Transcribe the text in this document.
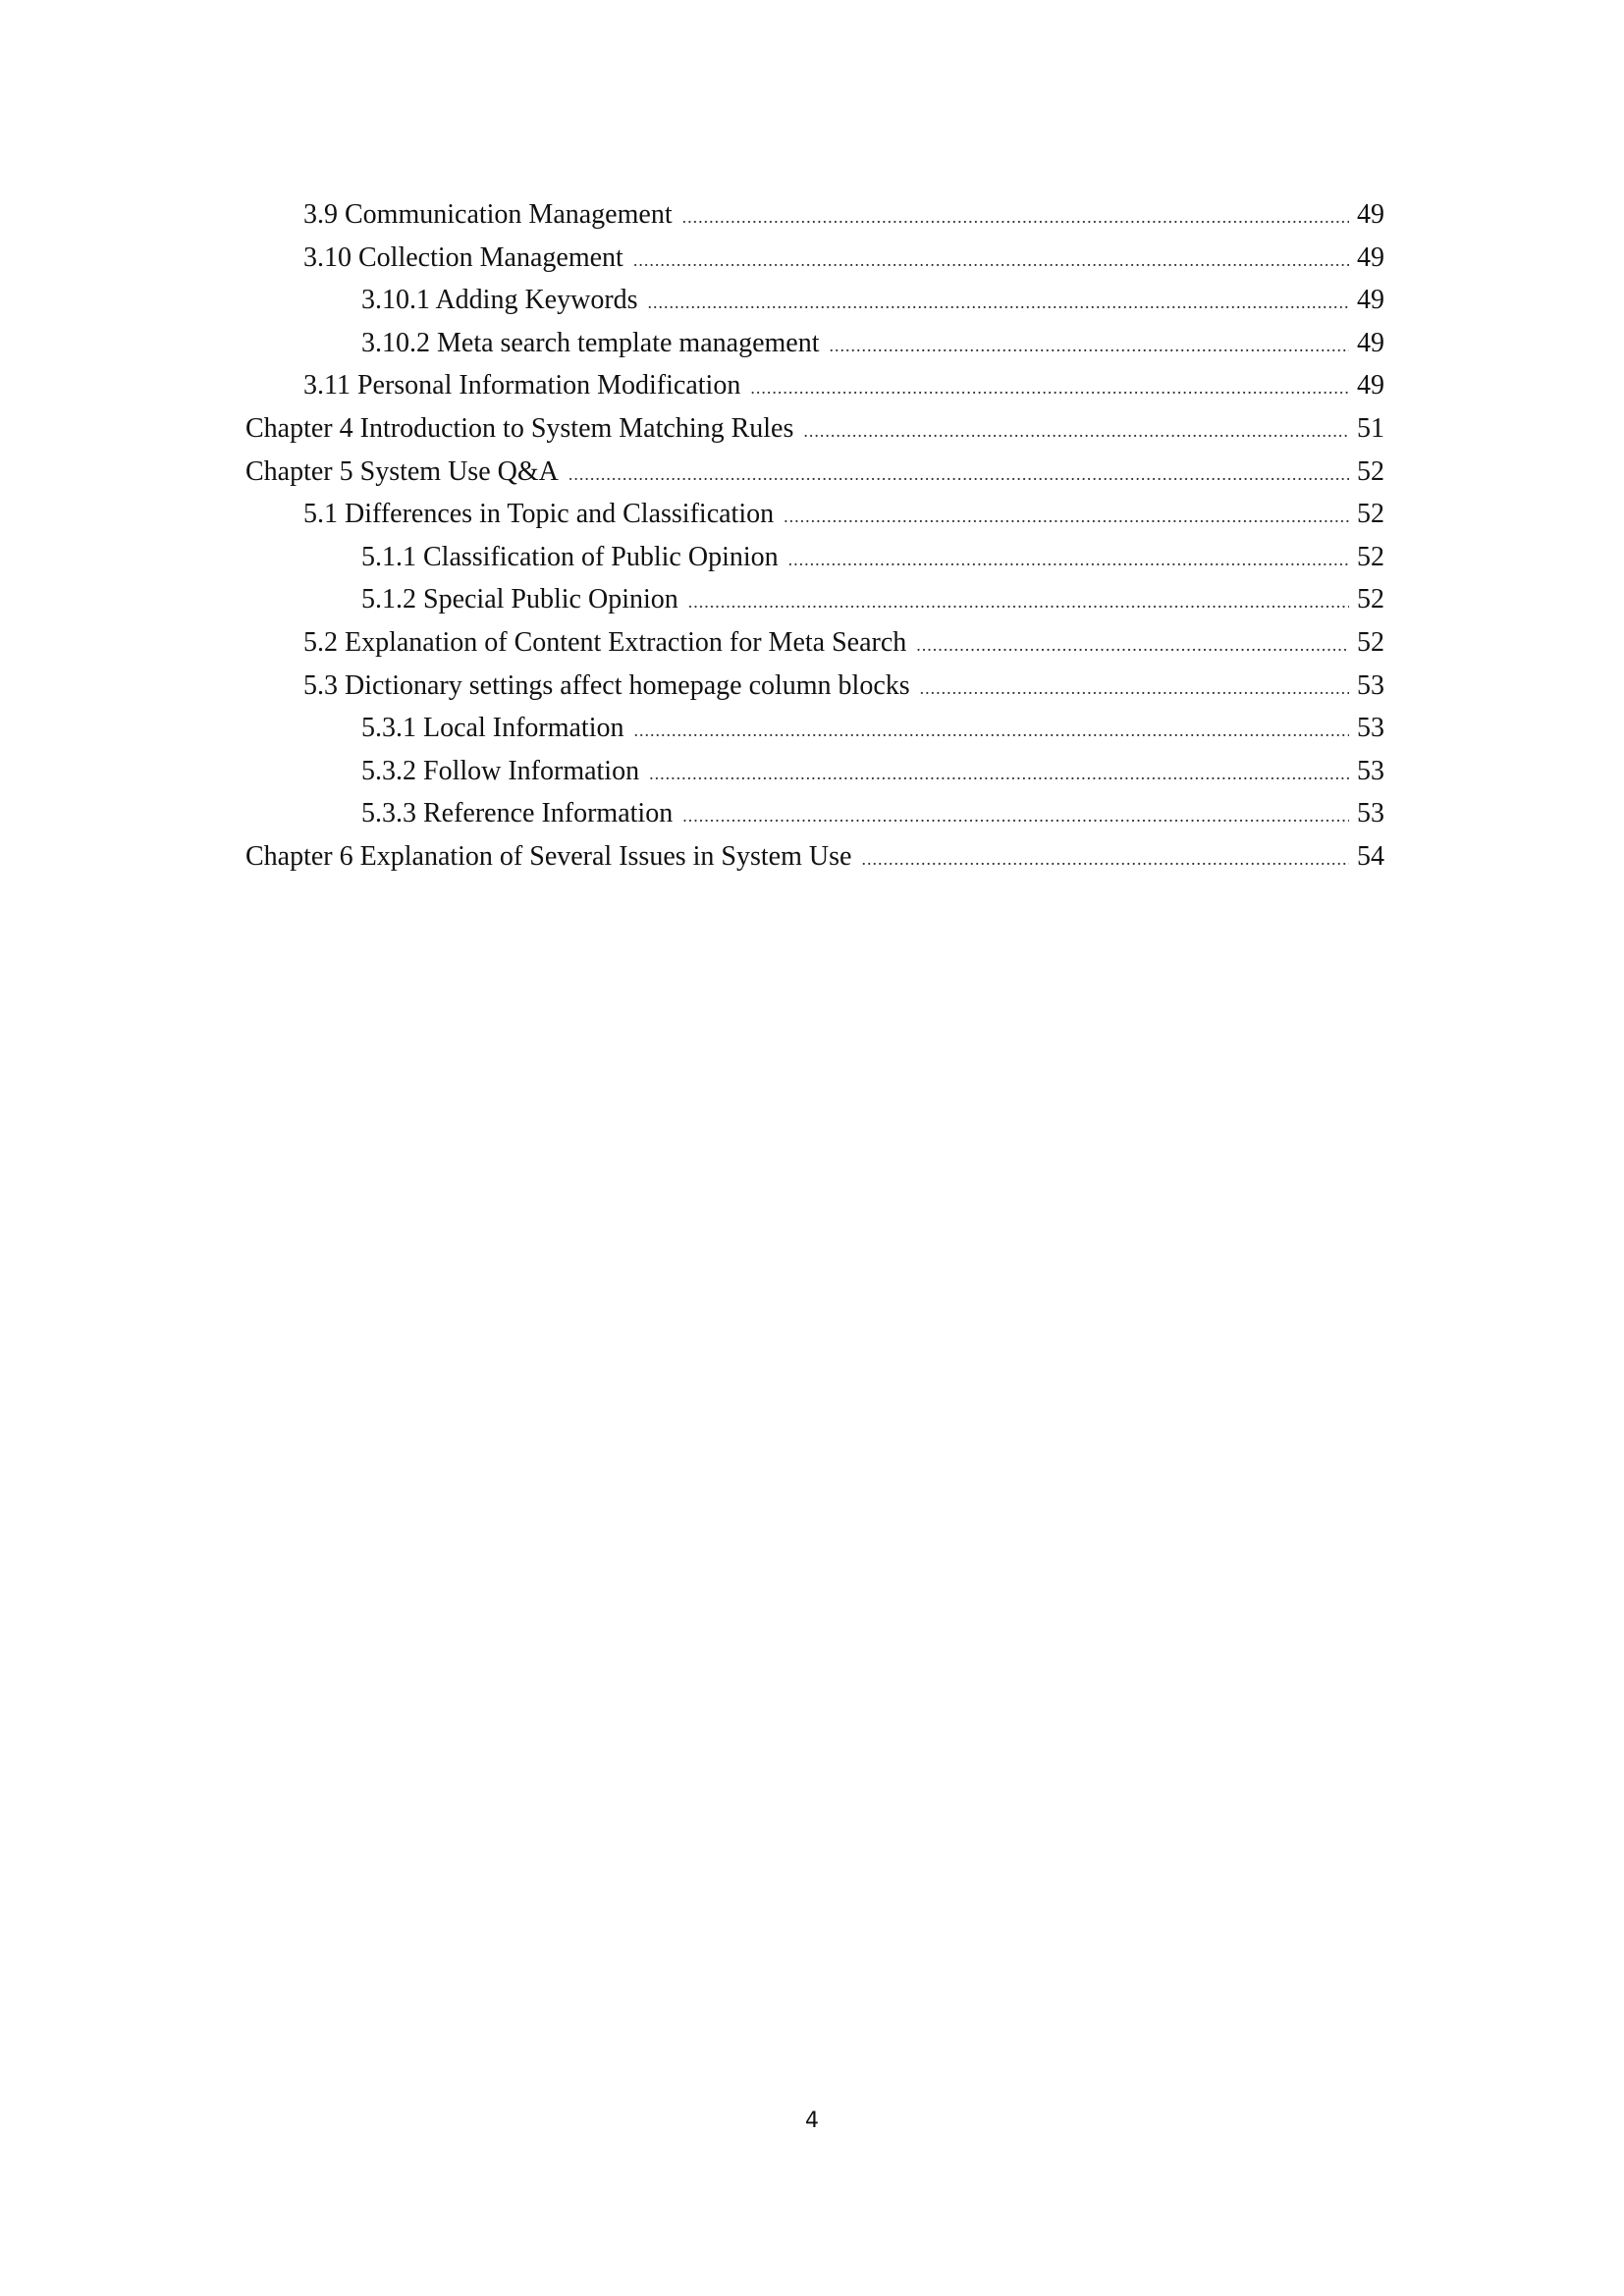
3.9 Communication Management .....	49
3.10 Collection Management .....	49
3.10.1 Adding Keywords .....	49
3.10.2 Meta search template management .....	49
3.11 Personal Information Modification .....	49
Chapter 4 Introduction to System Matching Rules .....	51
Chapter 5 System Use Q&A .....	52
5.1 Differences in Topic and Classification .....	52
5.1.1 Classification of Public Opinion .....	52
5.1.2 Special Public Opinion .....	52
5.2 Explanation of Content Extraction for Meta Search .....	52
5.3 Dictionary settings affect homepage column blocks .....	53
5.3.1 Local Information .....	53
5.3.2 Follow Information .....	53
5.3.3 Reference Information .....	53
Chapter 6 Explanation of Several Issues in System Use .....	54
4
